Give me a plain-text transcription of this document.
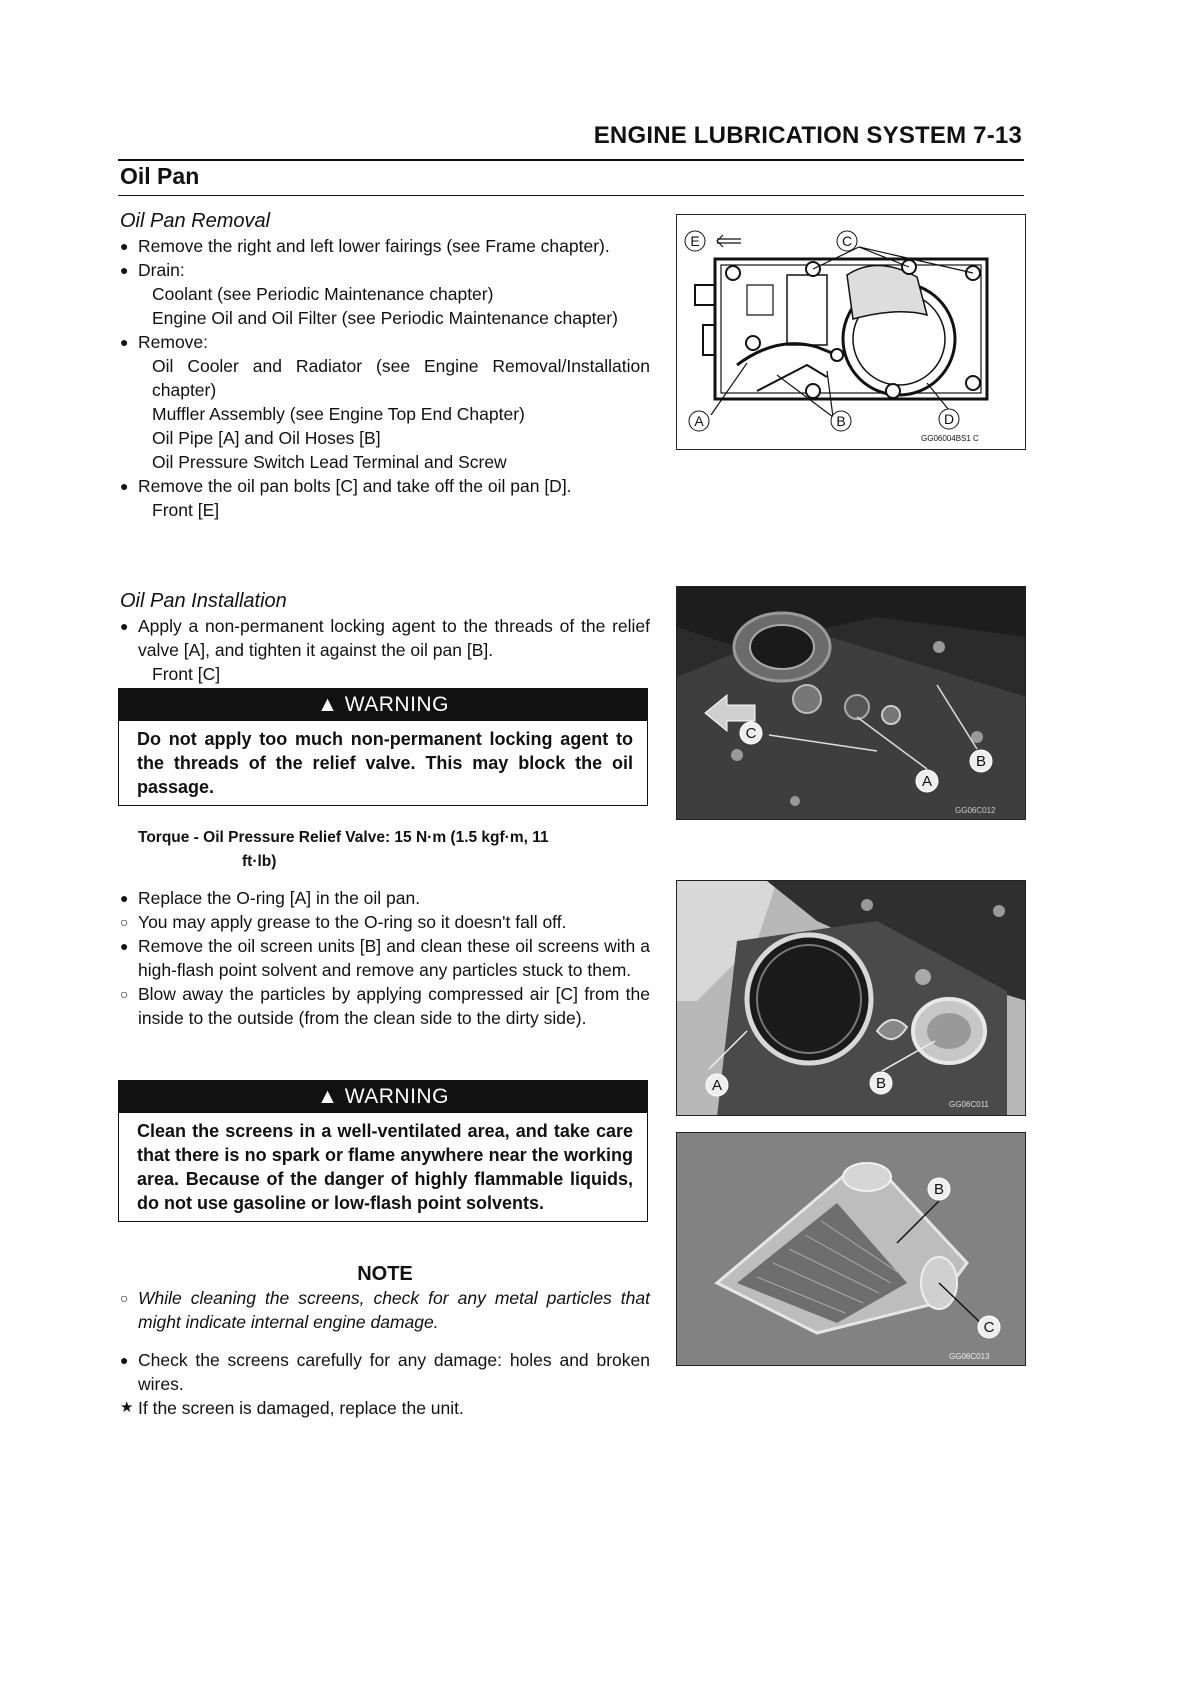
ENGINE LUBRICATION SYSTEM 7-13
Oil Pan
Oil Pan Removal
● Remove the right and left lower fairings (see Frame chapter).
● Drain:
Coolant (see Periodic Maintenance chapter)
Engine Oil and Oil Filter (see Periodic Maintenance chapter)
● Remove:
Oil Cooler and Radiator (see Engine Removal/Installation chapter)
Muffler Assembly (see Engine Top End Chapter)
Oil Pipe [A] and Oil Hoses [B]
Oil Pressure Switch Lead Terminal and Screw
● Remove the oil pan bolts [C] and take off the oil pan [D].
Front [E]
Oil Pan Installation
● Apply a non-permanent locking agent to the threads of the relief valve [A], and tighten it against the oil pan [B].
Front [C]
▲ WARNING
Do not apply too much non-permanent locking agent to the threads of the relief valve. This may block the oil passage.
Torque - Oil Pressure Relief Valve: 15 N·m (1.5 kgf·m, 11
ft·lb)
● Replace the O-ring [A] in the oil pan.
○ You may apply grease to the O-ring so it doesn't fall off.
● Remove the oil screen units [B] and clean these oil screens with a high-flash point solvent and remove any particles stuck to them.
○ Blow away the particles by applying compressed air [C] from the inside to the outside (from the clean side to the dirty side).
▲ WARNING
Clean the screens in a well-ventilated area, and take care that there is no spark or flame anywhere near the working area. Because of the danger of highly flammable liquids, do not use gasoline or low-flash point solvents.
NOTE
○ While cleaning the screens, check for any metal particles that might indicate internal engine damage.
● Check the screens carefully for any damage: holes and broken wires.
★ If the screen is damaged, replace the unit.
E	C
A	B	D
GG06004BS1 C
C
A
B
GG06C012
A	B
GG06C011
B
C
GG06C013
